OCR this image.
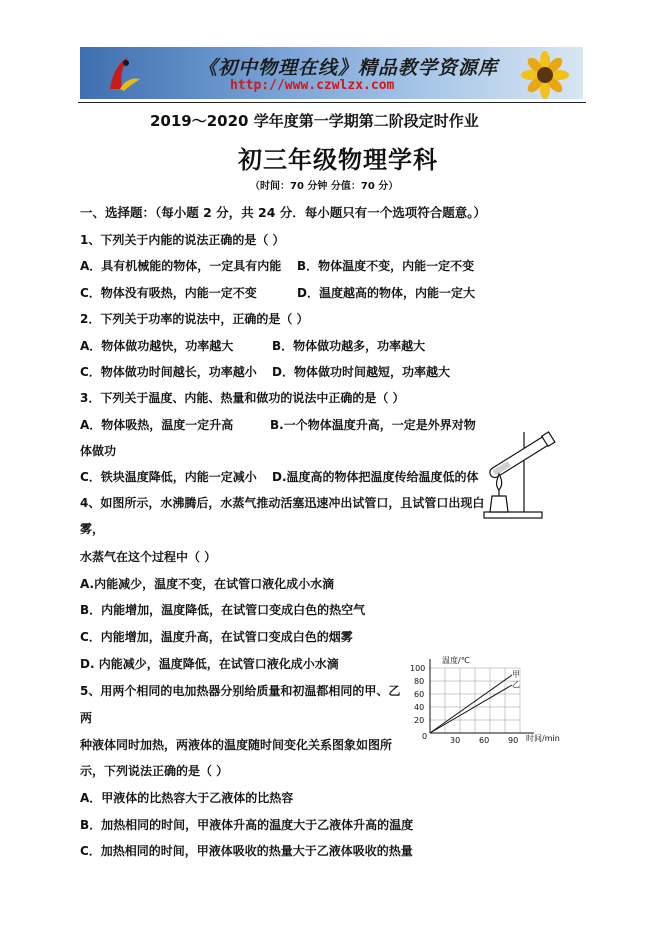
《初中物理在线》精品教学资源库
http://www.czwlzx.com
2019～2020 学年度第一学期第二阶段定时作业
初三年级物理学科
（时间：70 分钟 分值：70 分）
一、选择题：（每小题 2 分，共 24 分．每小题只有一个选项符合题意。）
1、下列关于内能的说法正确的是（ ）
A．具有机械能的物体，一定具有内能 B．物体温度不变，内能一定不变
C．物体没有吸热，内能一定不变	D．温度越高的物体，内能一定大
2．下列关于功率的说法中，正确的是（ ）
A．物体做功越快，功率越大	B．物体做功越多，功率越大
C．物体做功时间越长，功率越小 D．物体做功时间越短，功率越大
3．下列关于温度、内能、热量和做功的说法中正确的是（ ）
A．物体吸热，温度一定升高	B.一个物体温度升高，一定是外界对物
体做功
C．铁块温度降低，内能一定减小 D.温度高的物体把温度传给温度低的体
4、如图所示，水沸腾后，水蒸气推动活塞迅速冲出试管口，且试管口出现白
雾，
水蒸气在这个过程中（ ）
A.内能减少，温度不变，在试管口液化成小水滴
B．内能增加，温度降低，在试管口变成白色的热空气
C．内能增加，温度升高，在试管口变成白色的烟雾
D. 内能减少，温度降低，在试管口液化成小水滴
5、用两个相同的电加热器分别给质量和初温都相同的甲、乙
两
种液体同时加热，两液体的温度随时间变化关系图象如图所
示，下列说法正确的是（ ）
A．甲液体的比热容大于乙液体的比热容
B．加热相同的时间，甲液体升高的温度大于乙液体升高的温度
C．加热相同的时间，甲液体吸收的热量大于乙液体吸收的热量
温度/℃
时间/min
100
80
60
40
20
0	30 60 90
甲
乙
